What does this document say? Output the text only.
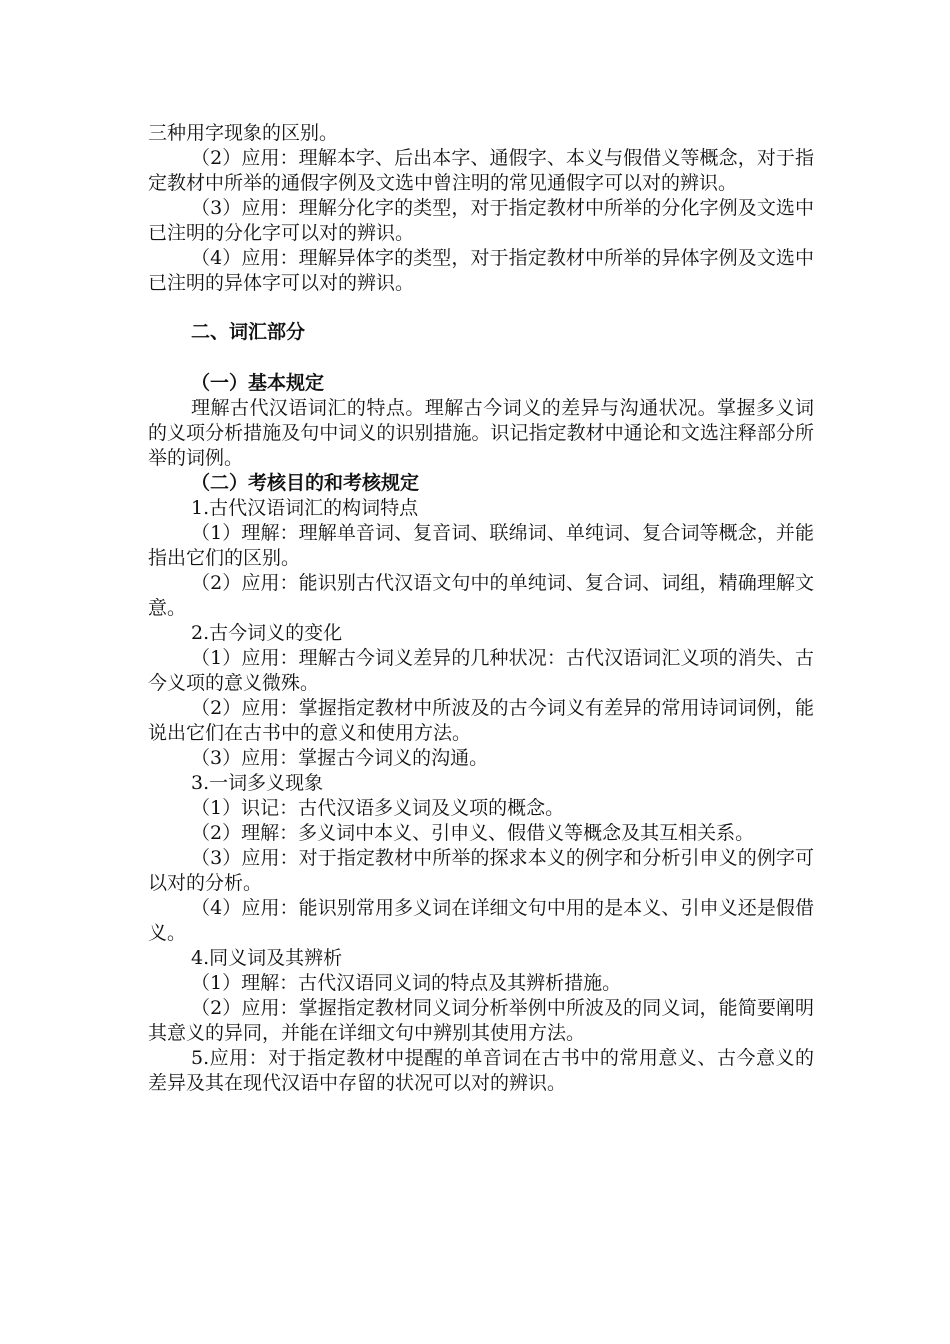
三种用字现象的区别。

（2）应用：理解本字、后出本字、通假字、本义与假借义等概念，对于指定教材中所举的通假字例及文选中曾注明的常见通假字可以对的辨识。

（3）应用：理解分化字的类型，对于指定教材中所举的分化字例及文选中已注明的分化字可以对的辨识。

（4）应用：理解异体字的类型，对于指定教材中所举的异体字例及文选中已注明的异体字可以对的辨识。

二、词汇部分

（一）基本规定

理解古代汉语词汇的特点。理解古今词义的差异与沟通状况。掌握多义词的义项分析措施及句中词义的识别措施。识记指定教材中通论和文选注释部分所举的词例。

（二）考核目的和考核规定

1.古代汉语词汇的构词特点

（1）理解：理解单音词、复音词、联绵词、单纯词、复合词等概念，并能指出它们的区别。

（2）应用：能识别古代汉语文句中的单纯词、复合词、词组，精确理解文意。

2.古今词义的变化

（1）应用：理解古今词义差异的几种状况：古代汉语词汇义项的消失、古今义项的意义微殊。

（2）应用：掌握指定教材中所波及的古今词义有差异的常用诗词词例，能说出它们在古书中的意义和使用方法。

（3）应用：掌握古今词义的沟通。

3.一词多义现象

（1）识记：古代汉语多义词及义项的概念。

（2）理解：多义词中本义、引申义、假借义等概念及其互相关系。

（3）应用：对于指定教材中所举的探求本义的例字和分析引申义的例字可以对的分析。

（4）应用：能识别常用多义词在详细文句中用的是本义、引申义还是假借义。

4.同义词及其辨析

（1）理解：古代汉语同义词的特点及其辨析措施。

（2）应用：掌握指定教材同义词分析举例中所波及的同义词，能简要阐明其意义的异同，并能在详细文句中辨别其使用方法。

5.应用：对于指定教材中提醒的单音词在古书中的常用意义、古今意义的差异及其在现代汉语中存留的状况可以对的辨识。
